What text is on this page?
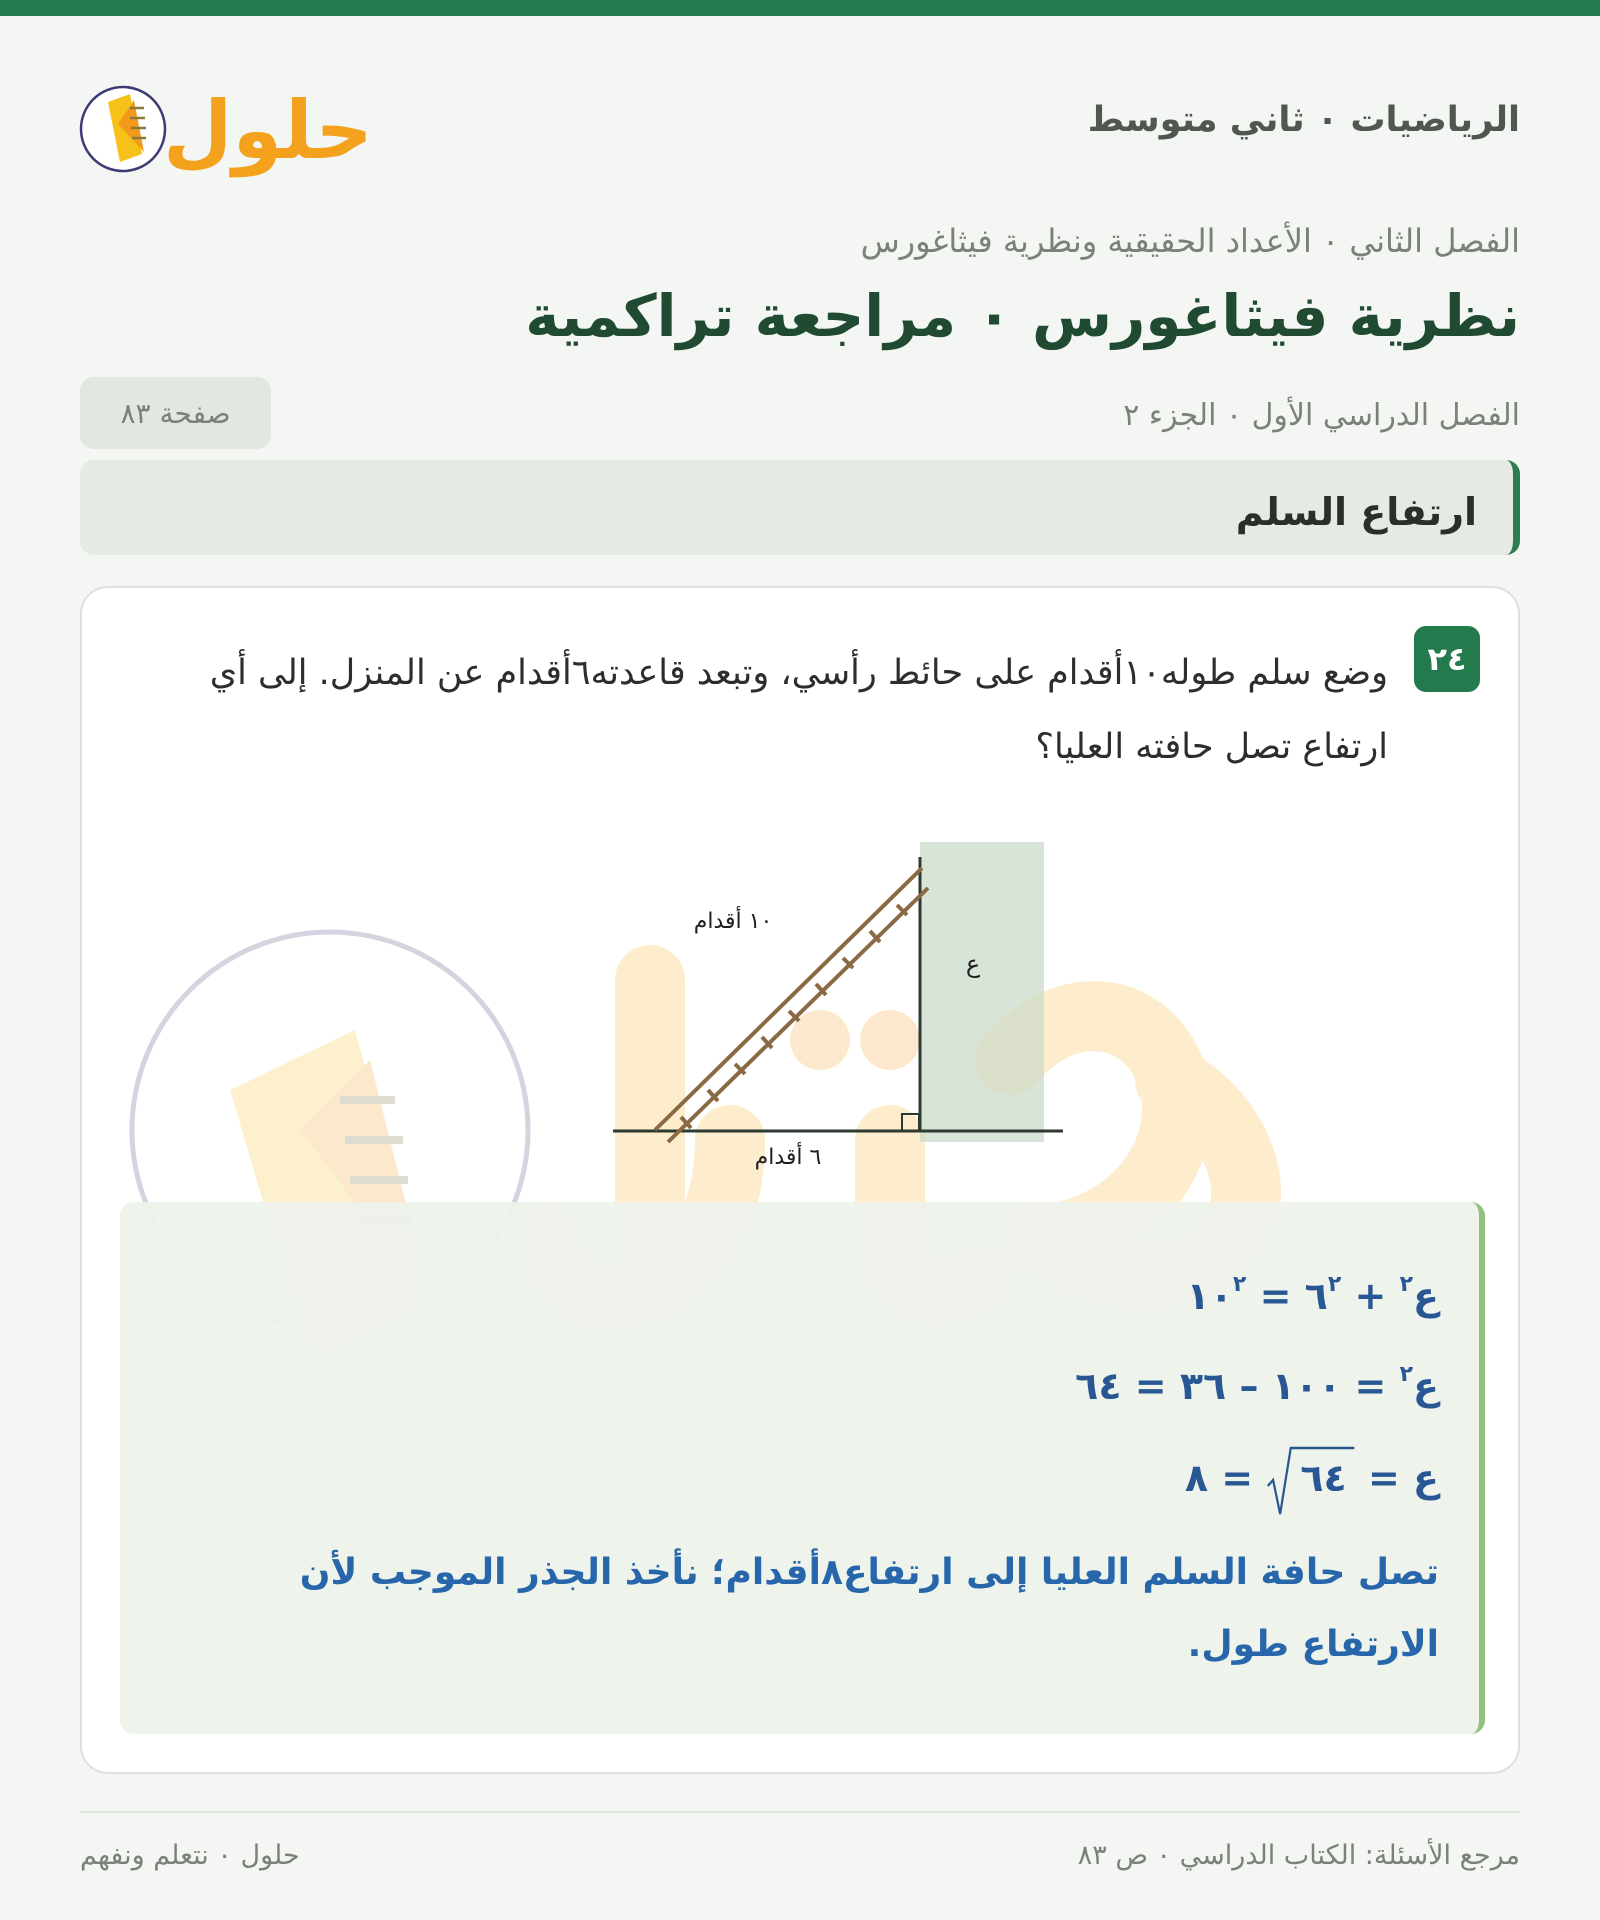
حلول	الرياضيات ٠ ثاني متوسط
الفصل الثاني ٠ الأعداد الحقيقية ونظرية فيثاغورس
نظرية فيثاغورس ٠ مراجعة تراكمية
الفصل الدراسي الأول ٠ الجزء ٢
صفحة ٨٣
ارتفاع السلم
٢٤
وضع سلم طوله١٠أقدام على حائط رأسي، وتبعد قاعدته٦أقدام عن المنزل. إلى أي ارتفاع تصل حافته العليا؟
١٠ أقدام
ع
٦ أقدام
ع$^٢$ + $٦^٢$ = $١٠^٢$
ع$^٢$ = ١٠٠ – ٣٦ = ٦٤
ع =
٦٤ = ٨
تصل حافة السلم العليا إلى ارتفاع٨أقدام؛ نأخذ الجذر الموجب لأن الارتفاع طول.
مرجع الأسئلة: الكتاب الدراسي ٠ ص ٨٣
حلول ٠ نتعلم ونفهم
